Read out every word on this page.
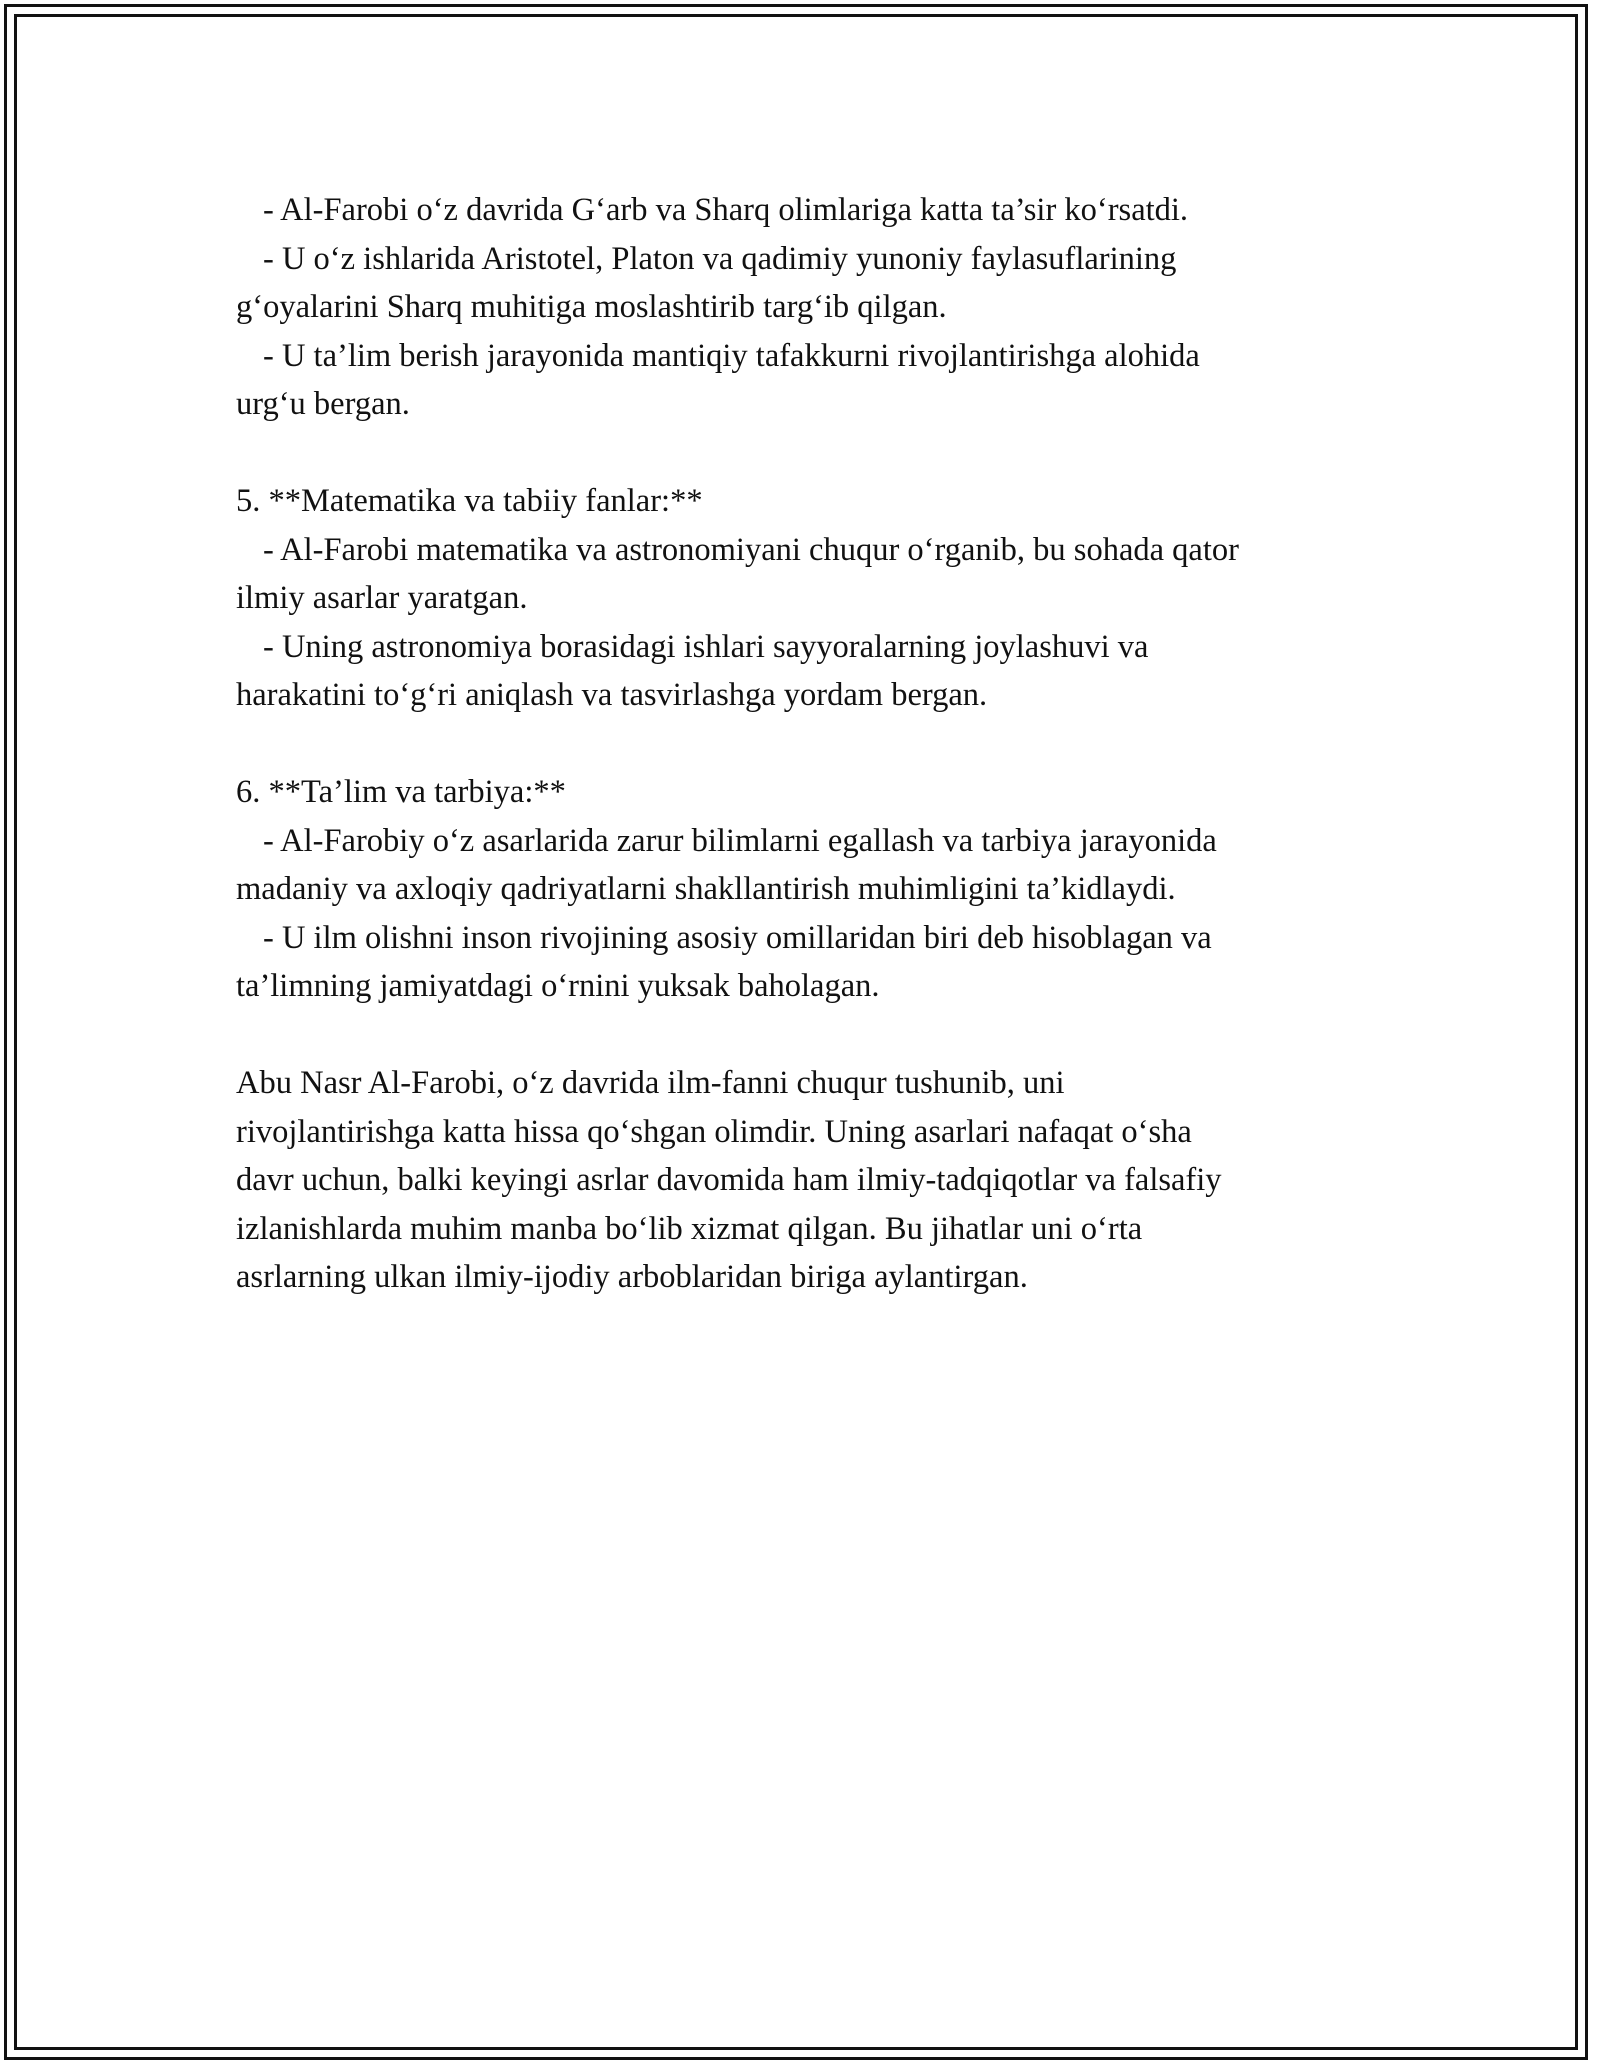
- Al-Farobi o‘z davrida G‘arb va Sharq olimlariga katta ta’sir ko‘rsatdi.
- U o‘z ishlarida Aristotel, Platon va qadimiy yunoniy faylasuflarining
g‘oyalarini Sharq muhitiga moslashtirib targ‘ib qilgan.
- U ta’lim berish jarayonida mantiqiy tafakkurni rivojlantirishga alohida
urg‘u bergan.
5. **Matematika va tabiiy fanlar:**
- Al-Farobi matematika va astronomiyani chuqur o‘rganib, bu sohada qator
ilmiy asarlar yaratgan.
- Uning astronomiya borasidagi ishlari sayyoralarning joylashuvi va
harakatini to‘g‘ri aniqlash va tasvirlashga yordam bergan.
6. **Ta’lim va tarbiya:**
- Al-Farobiy o‘z asarlarida zarur bilimlarni egallash va tarbiya jarayonida
madaniy va axloqiy qadriyatlarni shakllantirish muhimligini ta’kidlaydi.
- U ilm olishni inson rivojining asosiy omillaridan biri deb hisoblagan va
ta’limning jamiyatdagi o‘rnini yuksak baholagan.
Abu Nasr Al-Farobi, o‘z davrida ilm-fanni chuqur tushunib, uni
rivojlantirishga katta hissa qo‘shgan olimdir. Uning asarlari nafaqat o‘sha
davr uchun, balki keyingi asrlar davomida ham ilmiy-tadqiqotlar va falsafiy
izlanishlarda muhim manba bo‘lib xizmat qilgan. Bu jihatlar uni o‘rta
asrlarning ulkan ilmiy-ijodiy arboblaridan biriga aylantirgan.
